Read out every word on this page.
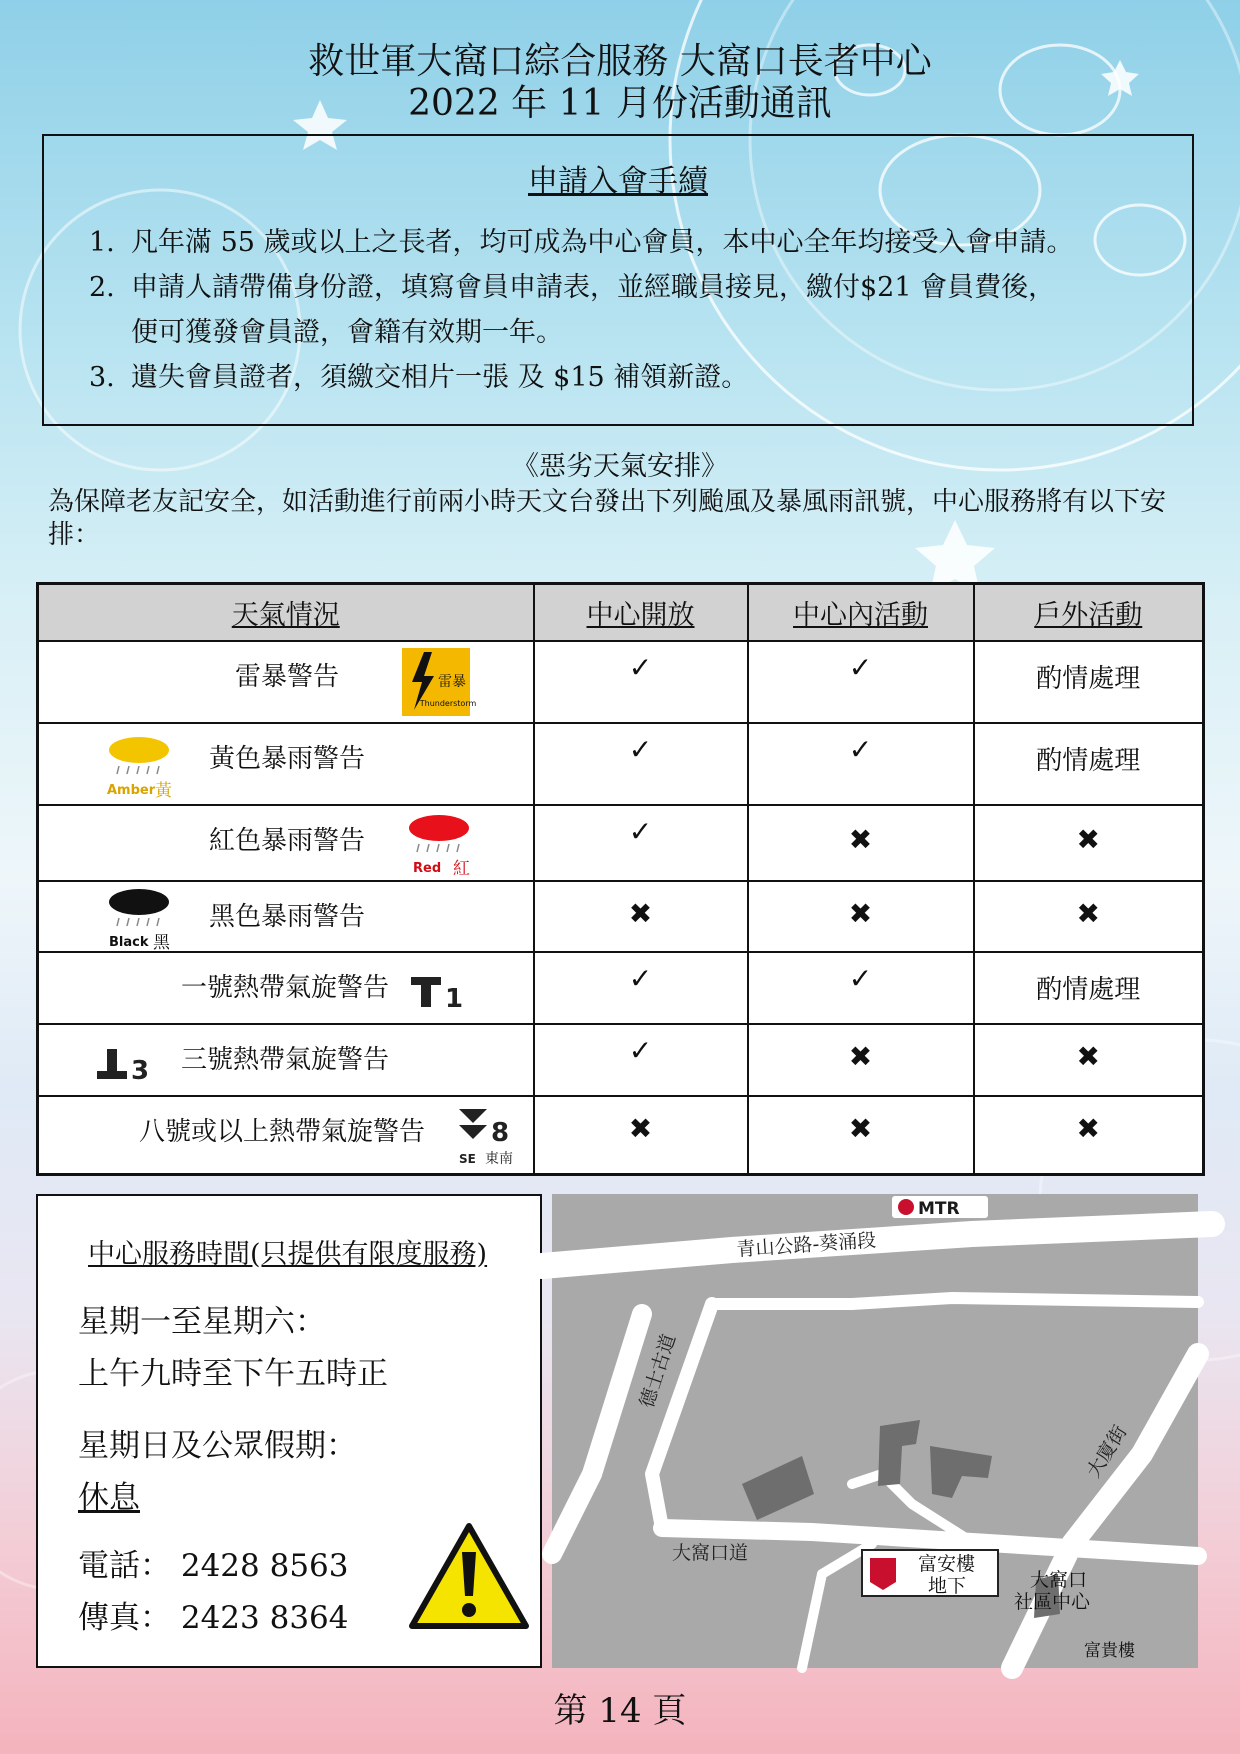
救世軍大窩口綜合服務 大窩口長者中心
2022 年 11 月份活動通訊
申請入會手續
1. 凡年滿 55 歲或以上之長者，均可成為中心會員，本中心全年均接受入會申請。
2. 申請人請帶備身份證，填寫會員申請表，並經職員接見，繳付$21 會員費後，
便可獲發會員證，會籍有效期一年。
3. 遺失會員證者，須繳交相片一張 及 $15 補領新證。
《惡劣天氣安排》
為保障老友記安全，如活動進行前兩小時天文台發出下列颱風及暴風雨訊號，中心服務將有以下安排：
天氣情況	中心開放	中心內活動	戶外活動

雷暴警告 雷暴
Thunderstorm	✓	✓	酌情處理

Amber 黃
黃色暴雨警告	✓	✓	酌情處理

紅色暴雨警告
Red 紅	✓	✖	✖

Black 黑
黑色暴雨警告	✖	✖	✖

一號熱帶氣旋警告 1	✓	✓	酌情處理

3 三號熱帶氣旋警告	✓	✖	✖

八號或以上熱帶氣旋警告 8
SE 東南	✖	✖	✖
中心服務時間(只提供有限度服務)
星期一至星期六：
上午九時至下午五時正
星期日及公眾假期：
休息
電話： 2428 8563
傳真： 2423 8364
MTR
青山公路-葵涌段
德士古道
大廈街
大窩口道	富安樓
地下	大窩口
社區中心
富貴樓
第 14 頁
